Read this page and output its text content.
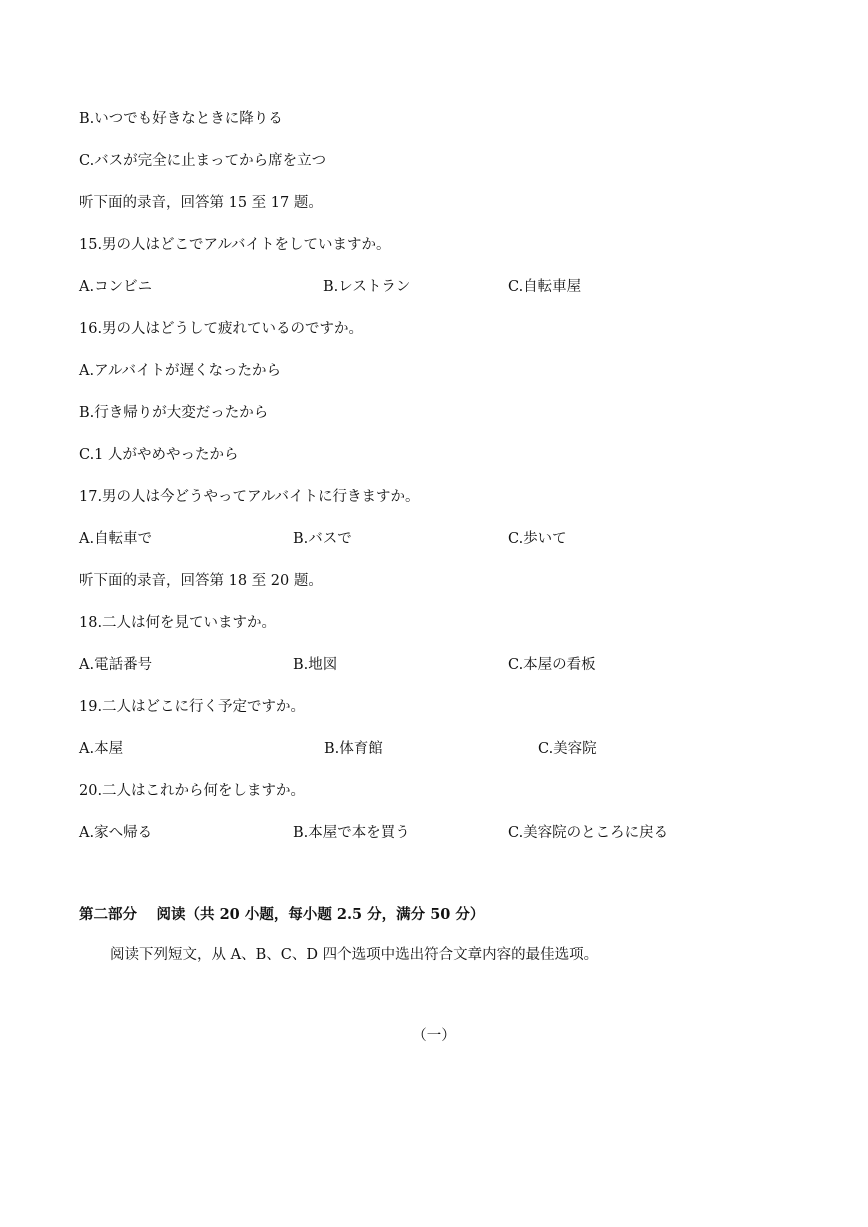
B.いつでも好きなときに降りる
C.バスが完全に止まってから席を立つ
听下面的录音，回答第 15 至 17 题。
15.男の人はどこでアルバイトをしていますか。
A.コンビニ	B.レストラン	C.自転車屋
16.男の人はどうして疲れているのですか。
A.アルバイトが遅くなったから
B.行き帰りが大変だったから
C.1 人がやめやったから
17.男の人は今どうやってアルバイトに行きますか。
A.自転車で	B.バスで	C.歩いて
听下面的录音，回答第 18 至 20 题。
18.二人は何を見ていますか。
A.電話番号	B.地図	C.本屋の看板
19.二人はどこに行く予定ですか。
A.本屋	B.体育館	C.美容院
20.二人はこれから何をしますか。
A.家へ帰る	B.本屋で本を買う	C.美容院のところに戻る
第二部分　 阅读（共 20 小题，每小题 2.5 分，满分 50 分）
阅读下列短文，从 A、B、C、D 四个选项中选出符合文章内容的最佳选项。
（一）
